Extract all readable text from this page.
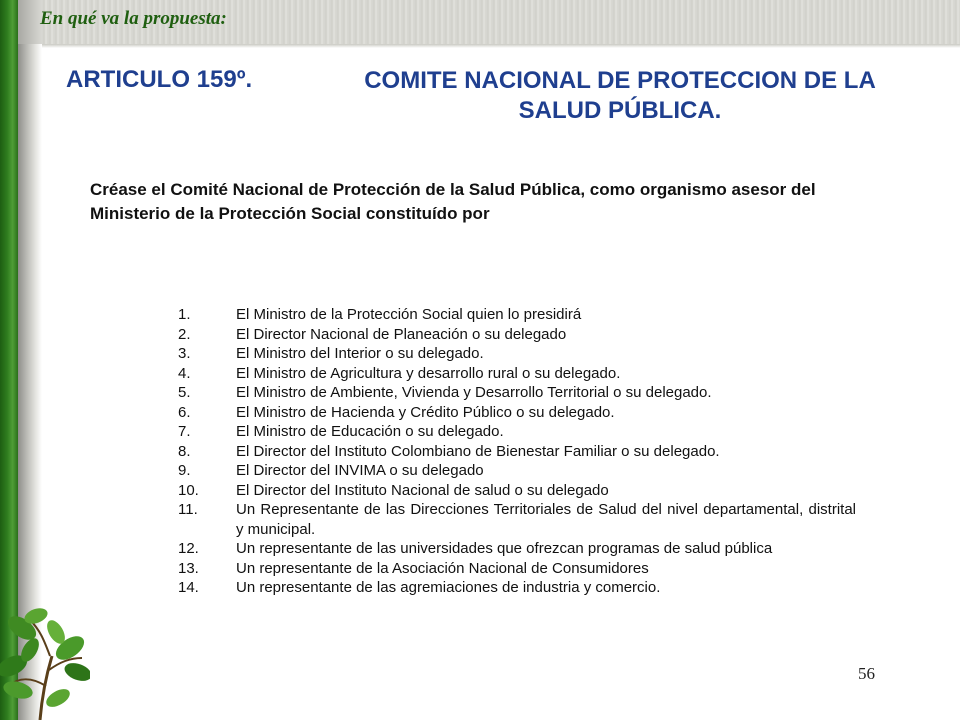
En qué va la propuesta:
ARTICULO 159º.	COMITE NACIONAL DE PROTECCION DE LA SALUD PÚBLICA.
Créase el Comité Nacional de Protección de la Salud Pública, como organismo asesor del Ministerio de la Protección Social constituído por
1.	El Ministro de la Protección Social quien lo presidirá
2.	El Director Nacional de Planeación o su delegado
3.	El Ministro del Interior o su delegado.
4.	El Ministro de Agricultura y desarrollo rural o su delegado.
5.	El Ministro de Ambiente, Vivienda y Desarrollo Territorial o su delegado.
6.	El Ministro de Hacienda y Crédito Público o su delegado.
7.	El Ministro de Educación o su delegado.
8.	El Director del Instituto Colombiano de Bienestar Familiar o su delegado.
9.	El Director del INVIMA o su delegado
10.	El Director del Instituto Nacional de salud o su delegado
11.	Un Representante de las Direcciones Territoriales de Salud del nivel departamental, distrital y municipal.
12.	Un representante de las universidades que ofrezcan programas de salud pública
13.	Un representante de la Asociación Nacional de Consumidores
14.	Un representante de las agremiaciones de industria y comercio.
56
